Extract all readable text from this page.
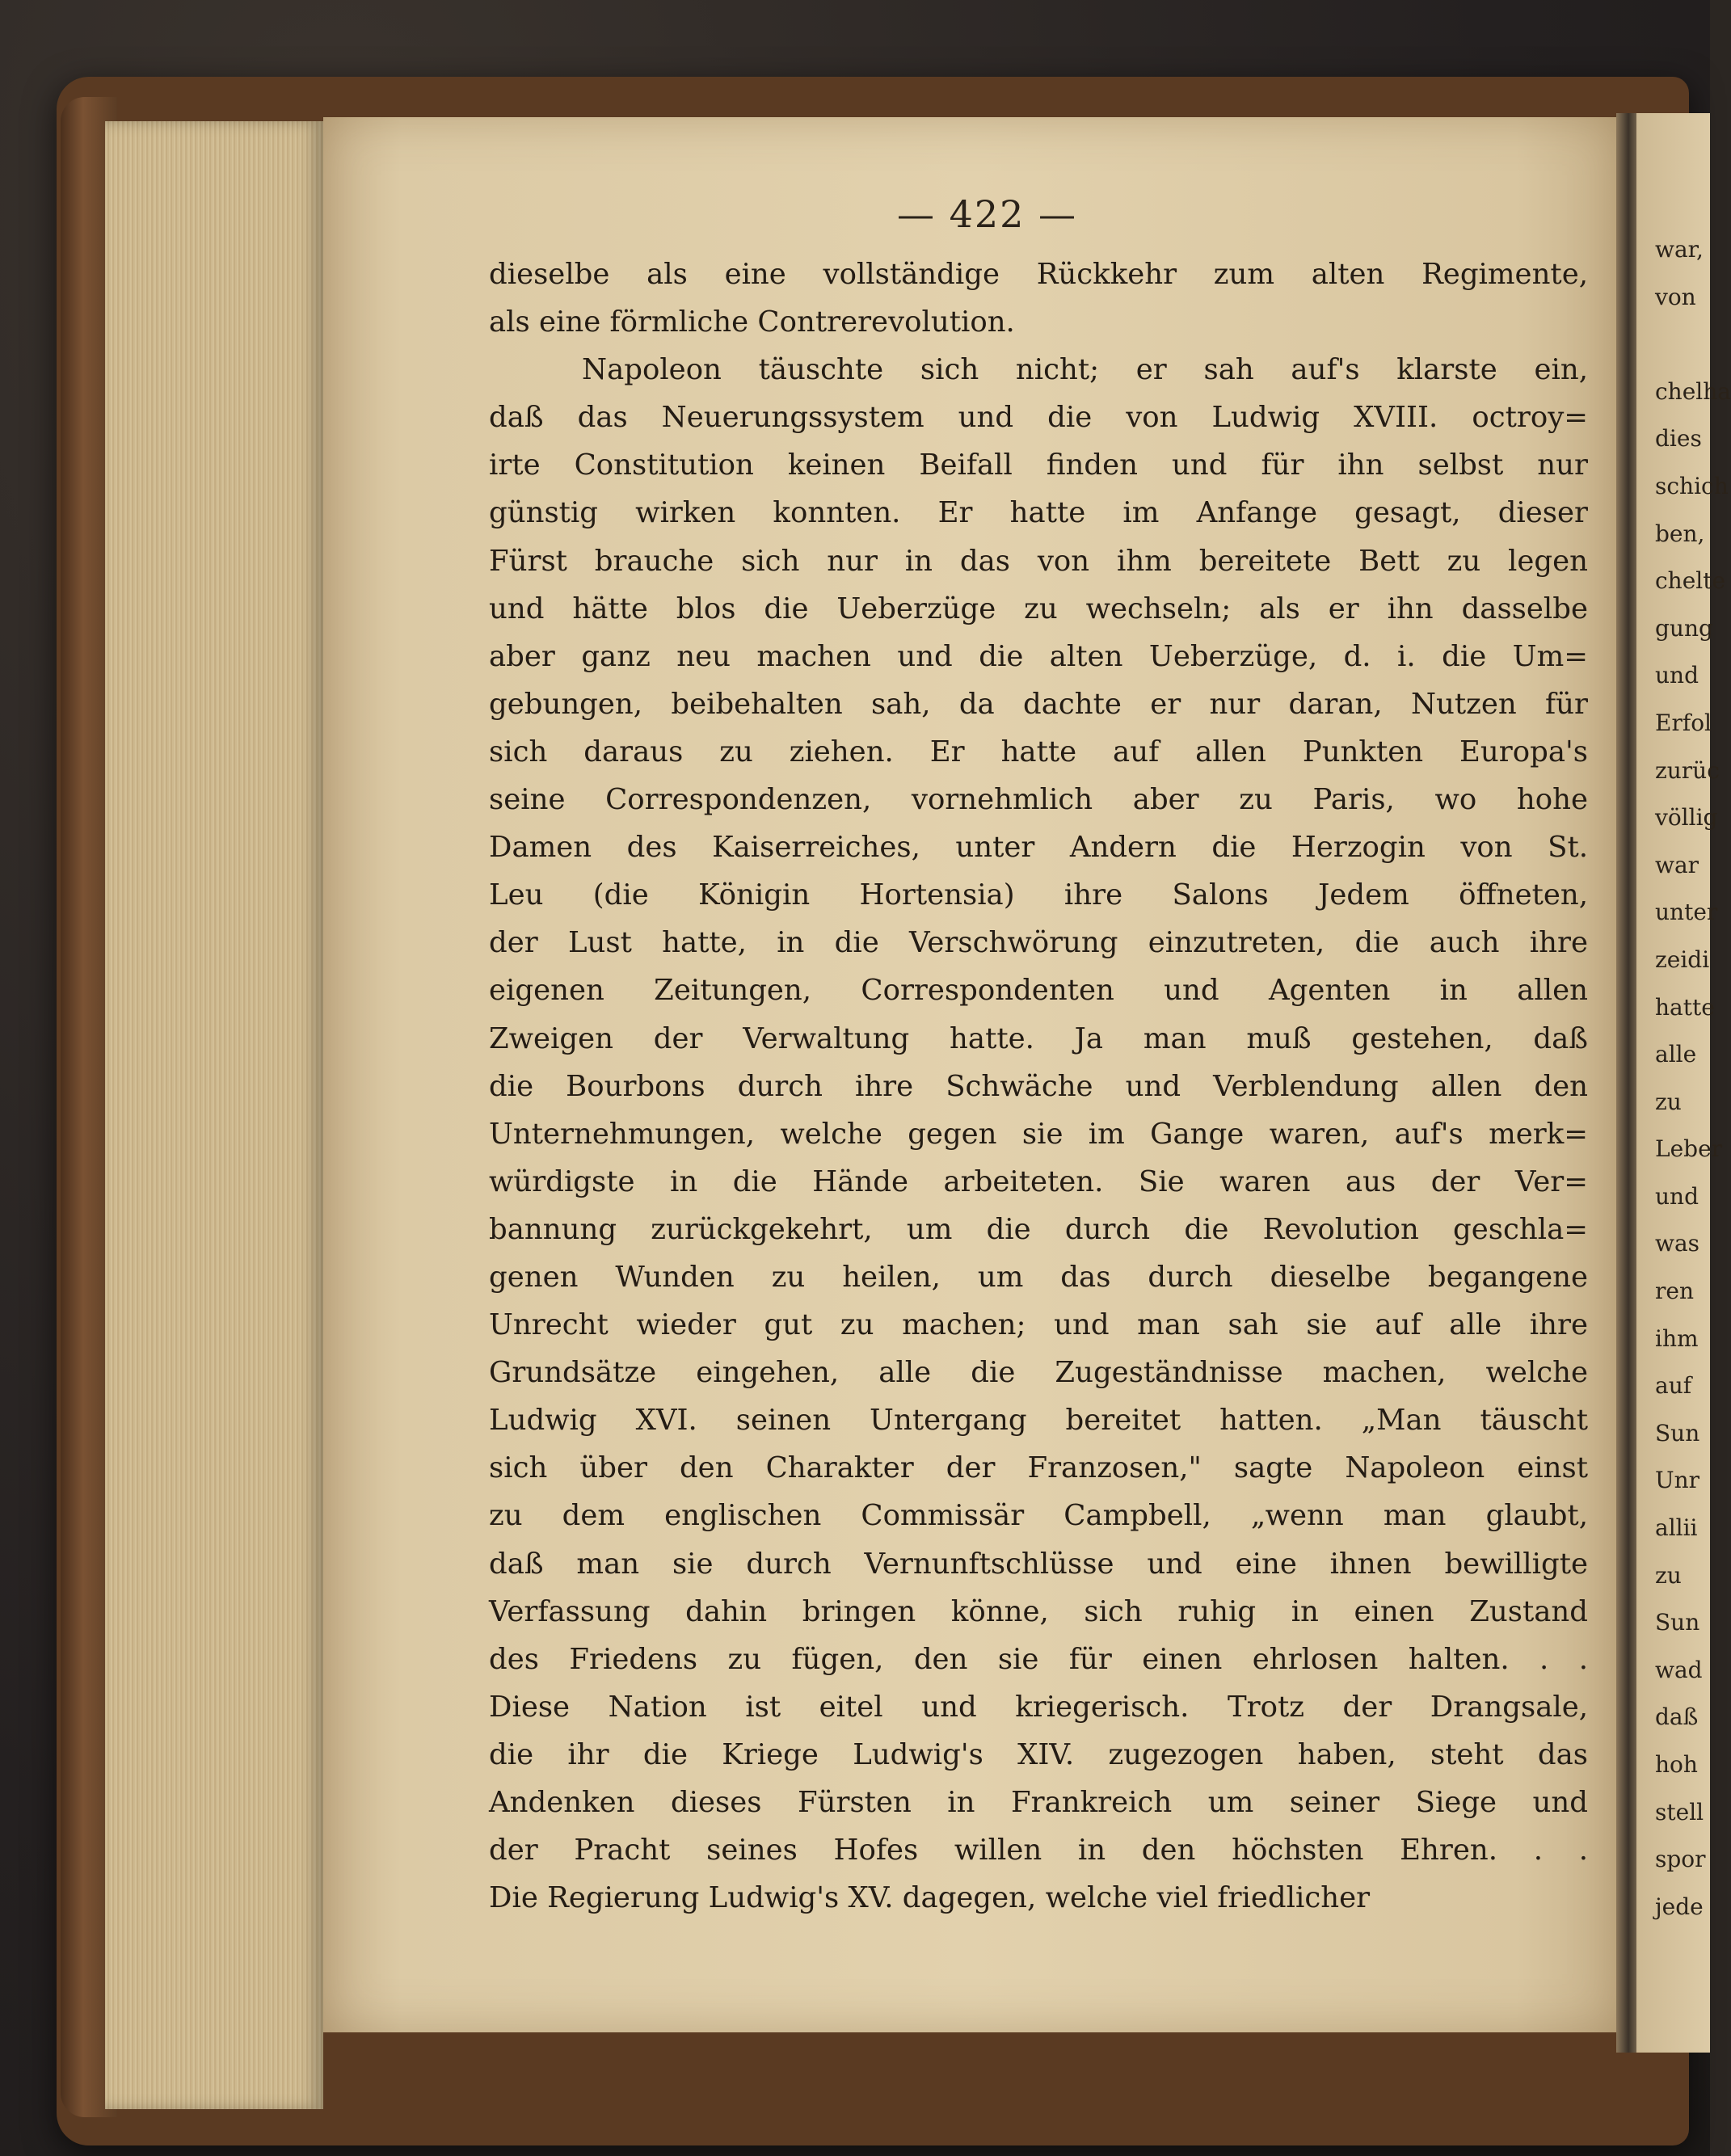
— 422 —
dieselbe als eine vollständige Rückkehr zum alten Regimente,
als eine förmliche Contrerevolution.
Napoleon täuschte sich nicht; er sah auf's klarste ein,
daß das Neuerungssystem und die von Ludwig XVIII. octroy=
irte Constitution keinen Beifall finden und für ihn selbst nur
günstig wirken konnten. Er hatte im Anfange gesagt, dieser
Fürst brauche sich nur in das von ihm bereitete Bett zu legen
und hätte blos die Ueberzüge zu wechseln; als er ihn dasselbe
aber ganz neu machen und die alten Ueberzüge, d. i. die Um=
gebungen, beibehalten sah, da dachte er nur daran, Nutzen für
sich daraus zu ziehen. Er hatte auf allen Punkten Europa's
seine Correspondenzen, vornehmlich aber zu Paris, wo hohe
Damen des Kaiserreiches, unter Andern die Herzogin von St.
Leu (die Königin Hortensia) ihre Salons Jedem öffneten,
der Lust hatte, in die Verschwörung einzutreten, die auch ihre
eigenen Zeitungen, Correspondenten und Agenten in allen
Zweigen der Verwaltung hatte. Ja man muß gestehen, daß
die Bourbons durch ihre Schwäche und Verblendung allen den
Unternehmungen, welche gegen sie im Gange waren, auf's merk=
würdigste in die Hände arbeiteten. Sie waren aus der Ver=
bannung zurückgekehrt, um die durch die Revolution geschla=
genen Wunden zu heilen, um das durch dieselbe begangene
Unrecht wieder gut zu machen; und man sah sie auf alle ihre
Grundsätze eingehen, alle die Zugeständnisse machen, welche
Ludwig XVI. seinen Untergang bereitet hatten. „Man täuscht
sich über den Charakter der Franzosen," sagte Napoleon einst
zu dem englischen Commissär Campbell, „wenn man glaubt,
daß man sie durch Vernunftschlüsse und eine ihnen bewilligte
Verfassung dahin bringen könne, sich ruhig in einen Zustand
des Friedens zu fügen, den sie für einen ehrlosen halten. . .
Diese Nation ist eitel und kriegerisch. Trotz der Drangsale,
die ihr die Kriege Ludwig's XIV. zugezogen haben, steht das
Andenken dieses Fürsten in Frankreich um seiner Siege und
der Pracht seines Hofes willen in den höchsten Ehren. . .
Die Regierung Ludwig's XV. dagegen, welche viel friedlicher
war,
von
chelha
dies
schich
ben,
chelte
gung
und
Erfol
zurüc
völlig
war
unter
zeidi
hatte
alle
zu
Leber
und
was
ren
ihm
auf
Sun
Unr
allii
zu
Sun
wad
daß
hoh
stell
spor
jede
